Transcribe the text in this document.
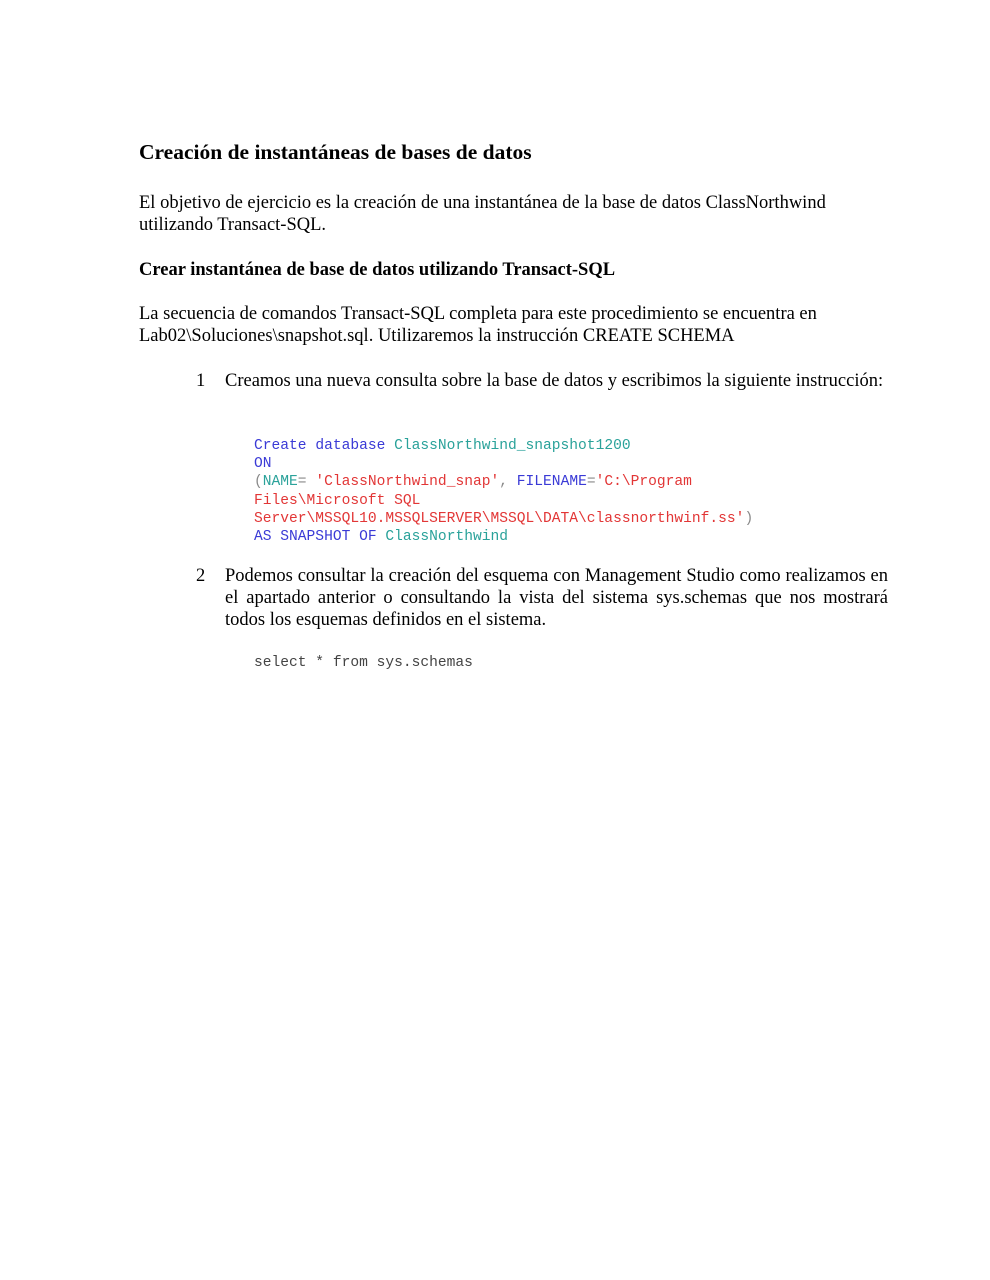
Creación de instantáneas de bases de datos

El objetivo de ejercicio es la creación de una instantánea de la base de datos ClassNorthwind utilizando Transact-SQL.

Crear instantánea de base de datos utilizando Transact-SQL

La secuencia de comandos Transact-SQL completa para este procedimiento se encuentra en Lab02\Soluciones\snapshot.sql. Utilizaremos la instrucción CREATE SCHEMA

1 Creamos una nueva consulta sobre la base de datos y escribimos la siguiente instrucción:
Create database ClassNorthwind_snapshot1200
ON
(NAME= 'ClassNorthwind_snap', FILENAME='C:\Program
Files\Microsoft SQL
Server\MSSQL10.MSSQLSERVER\MSSQL\DATA\classnorthwinf.ss')
AS SNAPSHOT OF ClassNorthwind
2 Podemos consultar la creación del esquema con Management Studio como realizamos en el apartado anterior o consultando la vista del sistema sys.schemas que nos mostrará todos los esquemas definidos en el sistema.
select * from sys.schemas
